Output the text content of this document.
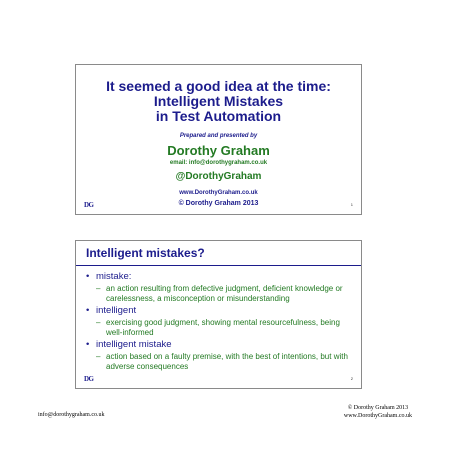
It seemed a good idea at the time:
Intelligent Mistakes
in Test Automation
Prepared and presented by
Dorothy Graham
email: info@dorothygraham.co.uk
@DorothyGraham
www.DorothyGraham.co.uk
© Dorothy Graham 2013
DG	1
Intelligent mistakes?
• mistake:
– an action resulting from defective judgment, deficient knowledge or carelessness, a misconception or misunderstanding
• intelligent
– exercising good judgment, showing mental resourcefulness, being well-informed
• intelligent mistake
– action based on a faulty premise, with the best of intentions, but with adverse consequences
DG	2
info@dorothygraham.co.uk
© Dorothy Graham 2013
www.DorothyGraham.co.uk
